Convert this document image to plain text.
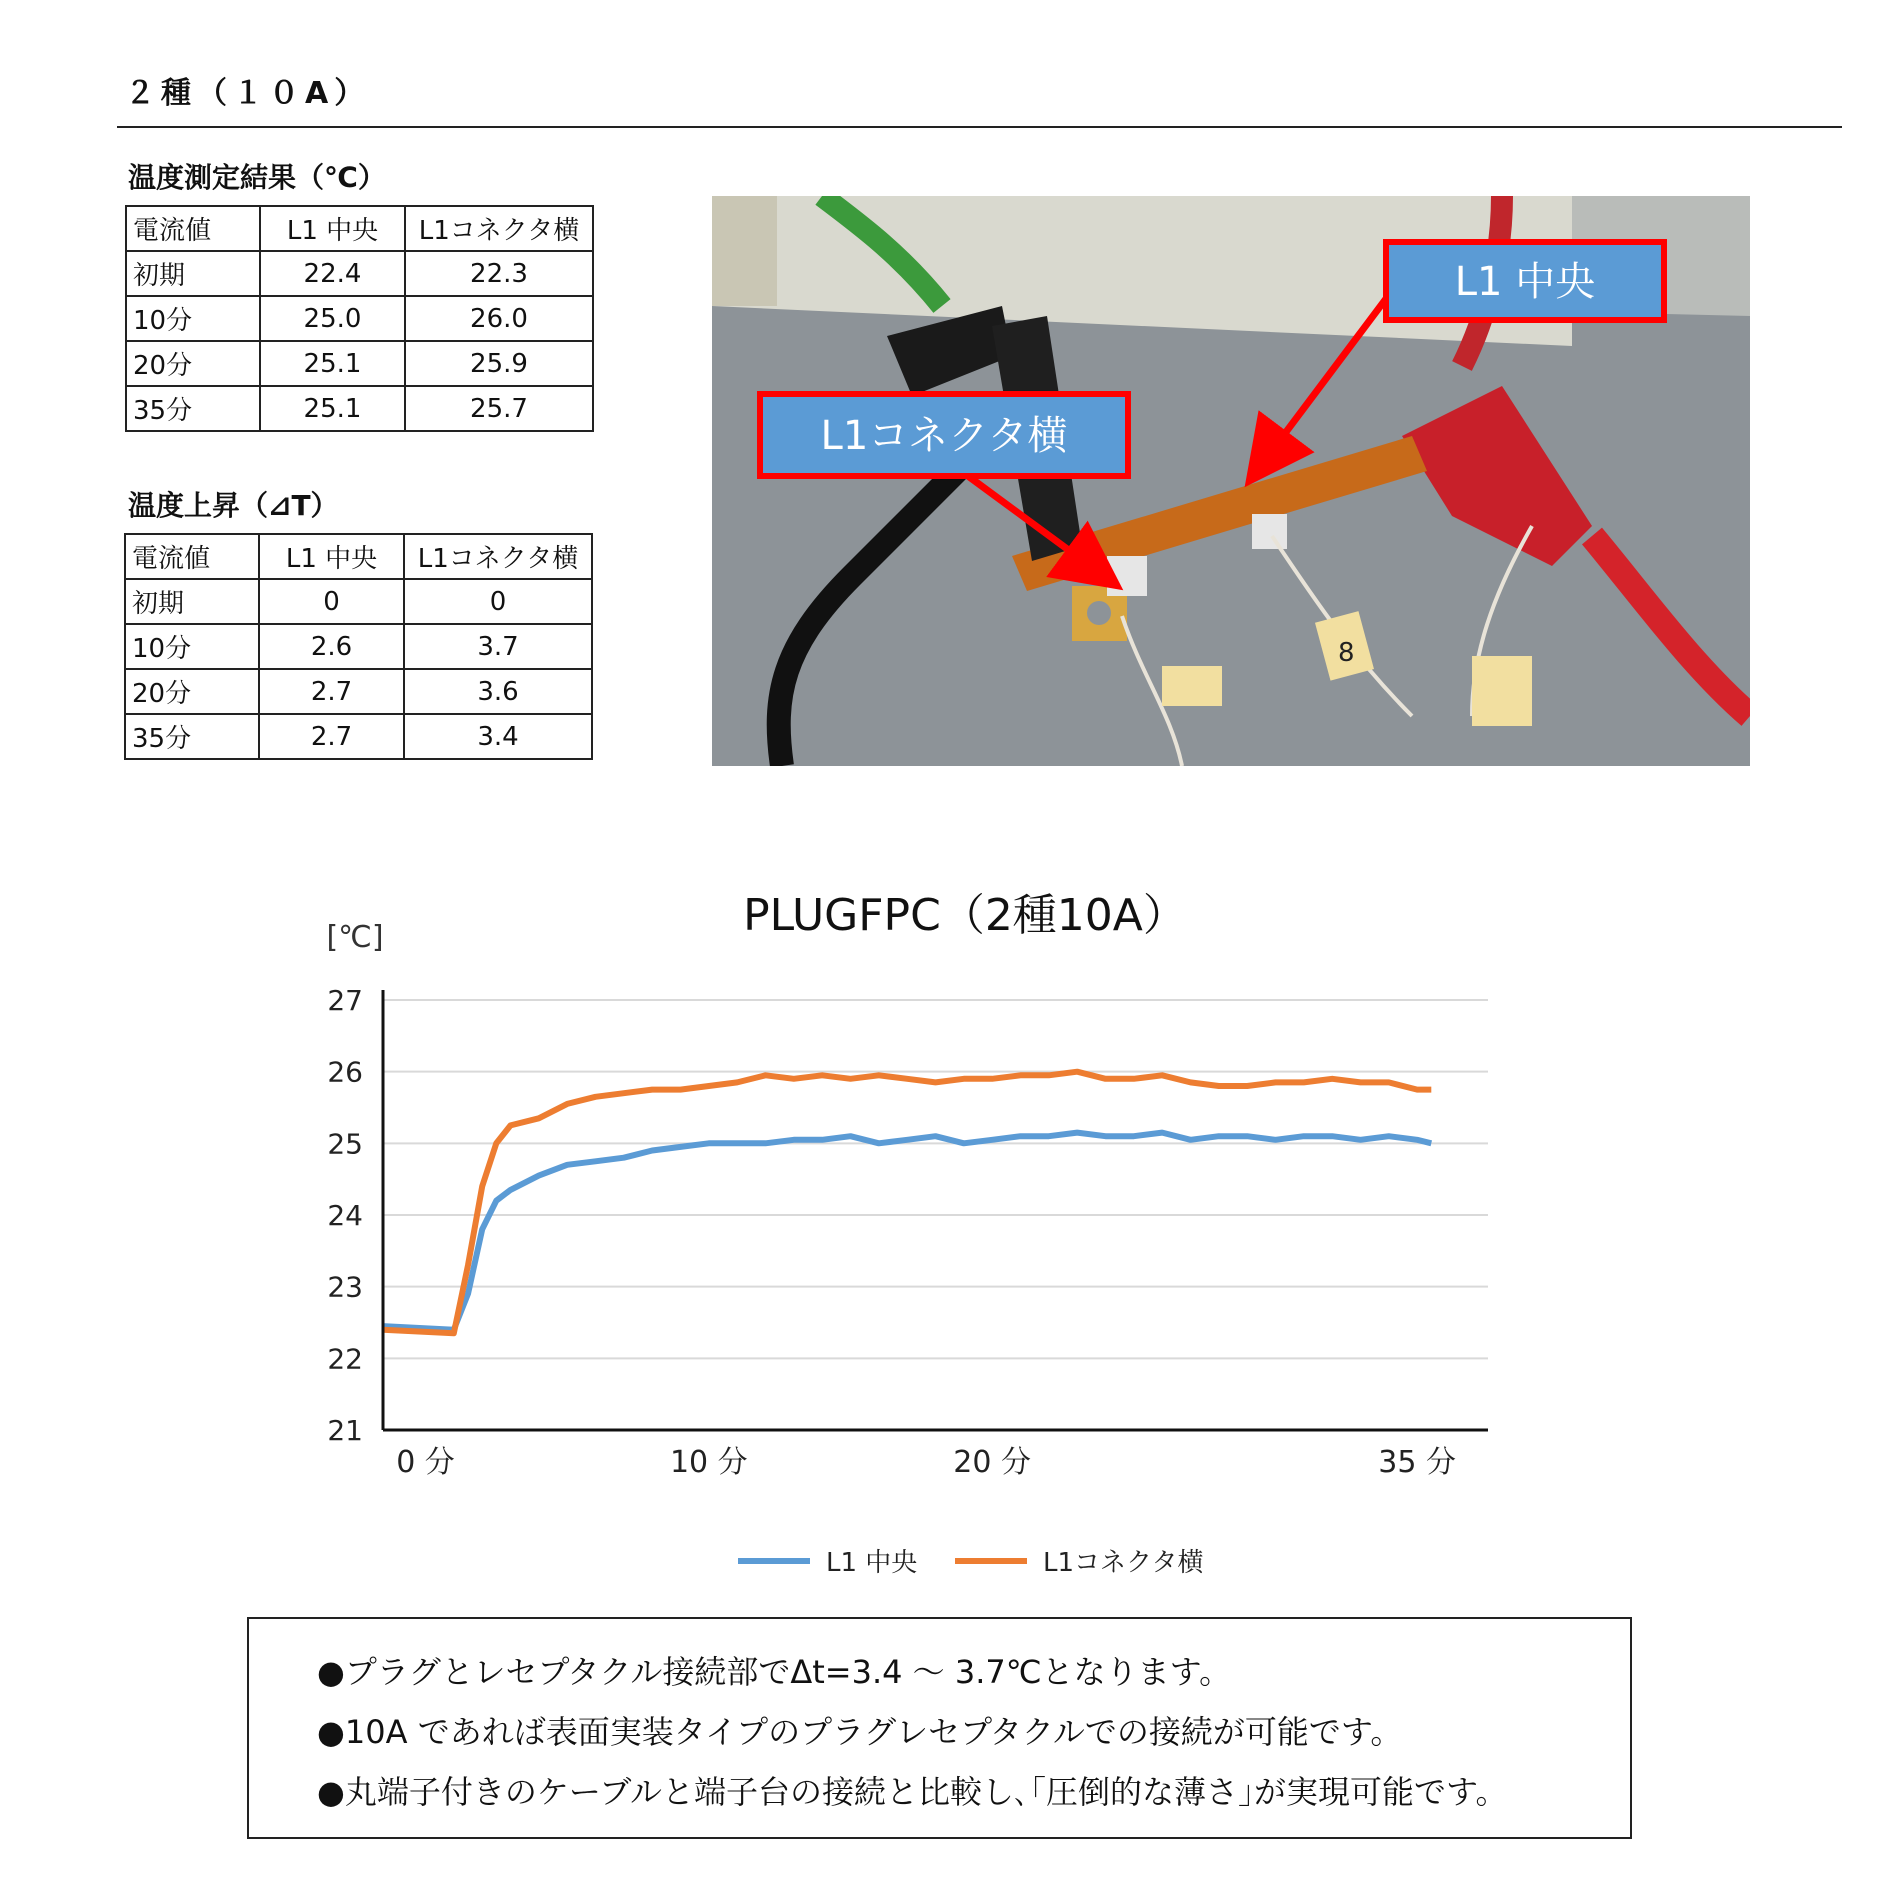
２種（１０A）
温度測定結果（℃）
電流値	L1 中央	L1コネクタ横
初期	22.4	22.3
10分	25.0	26.0
20分	25.1	25.9
35分	25.1	25.7
温度上昇（⊿T）
電流値	L1 中央	L1コネクタ横
初期	0	0
10分	2.6	3.7
20分	2.7	3.6
35分	2.7	3.4
8
L1 中央
L1コネクタ横
PLUGFPC（2種10A）
[℃]
21
22
23
24
25
26
27
0 分	10 分	20 分	35 分
L1 中央	L1コネクタ横
●プラグとレセプタクル接続部でΔt=3.4 ～ 3.7℃となります。
●10A であれば表面実装タイプのプラグレセプタクルでの接続が可能です。
●丸端子付きのケーブルと端子台の接続と比較し､｢圧倒的な薄さ｣が実現可能です。
